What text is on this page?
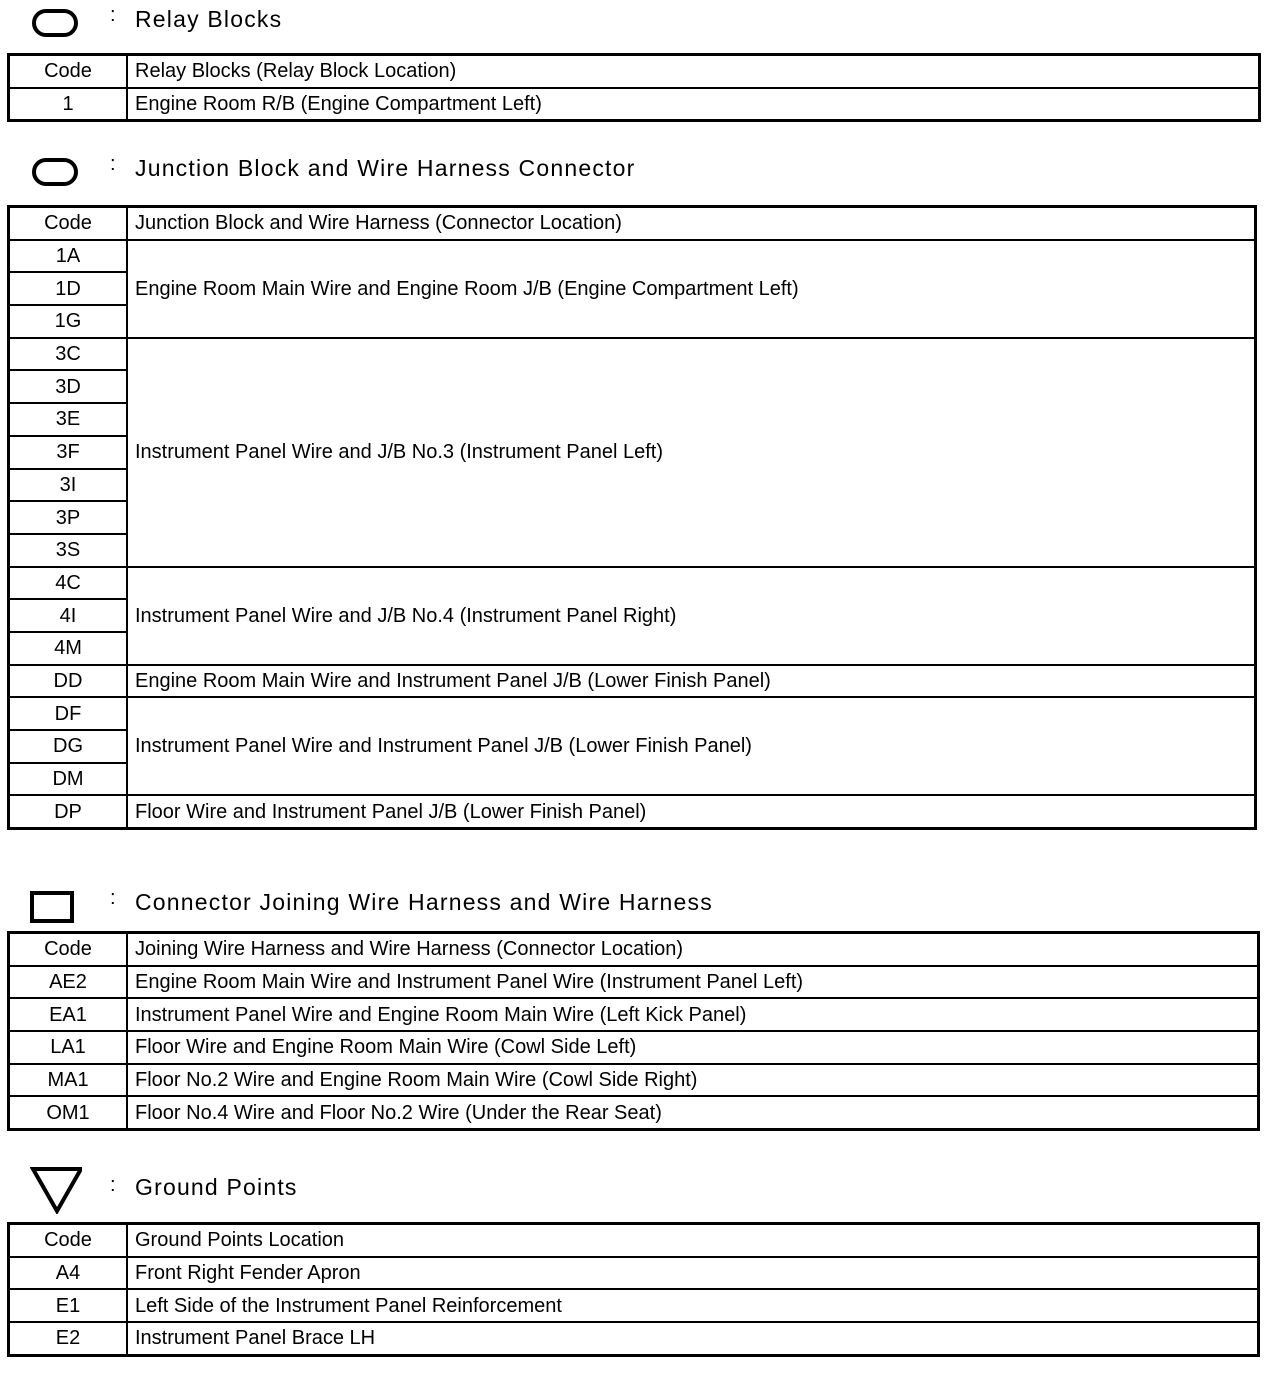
: Relay Blocks
Code	Relay Blocks (Relay Block Location)
1	Engine Room R/B (Engine Compartment Left)
: Junction Block and Wire Harness Connector
Code	Junction Block and Wire Harness (Connector Location)
1A	Engine Room Main Wire and Engine Room J/B (Engine Compartment Left)
1D	
1G	
3C	Instrument Panel Wire and J/B No.3 (Instrument Panel Left)
3D	
3E	
3F	
3I	
3P	
3S	
4C	Instrument Panel Wire and J/B No.4 (Instrument Panel Right)
4I	
4M	
DD	Engine Room Main Wire and Instrument Panel J/B (Lower Finish Panel)
DF	Instrument Panel Wire and Instrument Panel J/B (Lower Finish Panel)
DG	
DM	
DP	Floor Wire and Instrument Panel J/B (Lower Finish Panel)
: Connector Joining Wire Harness and Wire Harness
Code	Joining Wire Harness and Wire Harness (Connector Location)
AE2	Engine Room Main Wire and Instrument Panel Wire (Instrument Panel Left)
EA1	Instrument Panel Wire and Engine Room Main Wire (Left Kick Panel)
LA1	Floor Wire and Engine Room Main Wire (Cowl Side Left)
MA1	Floor No.2 Wire and Engine Room Main Wire (Cowl Side Right)
OM1	Floor No.4 Wire and Floor No.2 Wire (Under the Rear Seat)
: Ground Points
Code	Ground Points Location
A4	Front Right Fender Apron
E1	Left Side of the Instrument Panel Reinforcement
E2	Instrument Panel Brace LH
